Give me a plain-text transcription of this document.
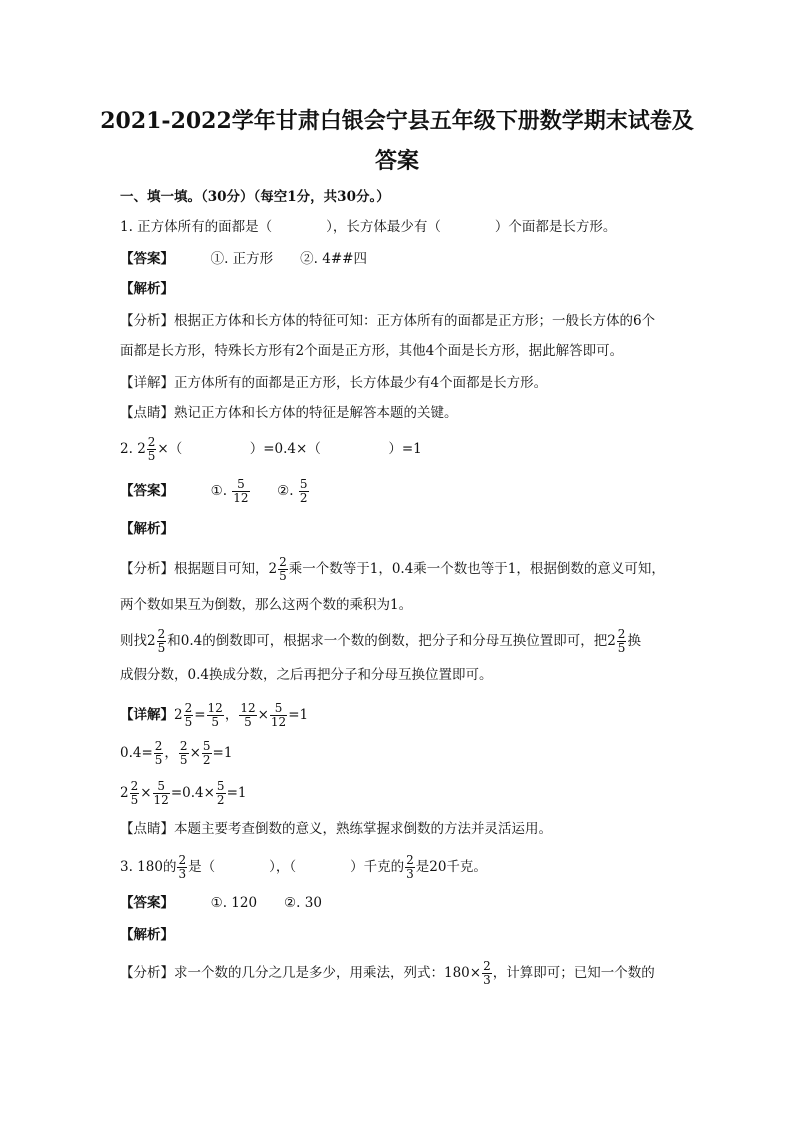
2021-2022学年甘肃白银会宁县五年级下册数学期末试卷及
答案
一、填一填。（30分）（每空1分，共30分。）
1. 正方体所有的面都是（　　　　），长方体最少有（　　　　）个面都是长方形。
【答案】	①. 正方形　　②. 4##四
【解析】
【分析】根据正方体和长方体的特征可知：正方体所有的面都是正方形；一般长方体的6个
面都是长方形，特殊长方形有2个面是正方形，其他4个面是长方形，据此解答即可。
【详解】正方体所有的面都是正方形，长方体最少有4个面都是长方形。
【点睛】熟记正方体和长方体的特征是解答本题的关键。
2. $2 \frac{2}{5}$ ×（　　　　　）=0.4×（　　　　　）=1
【答案】	①. $\frac{5}{12}$ ②. $\frac{5}{2}$
【解析】
【分析】根据题目可知，$2 \frac{2}{5}$ 乘一个数等于1，0.4乘一个数也等于1，根据倒数的意义可知，
两个数如果互为倒数，那么这两个数的乘积为1。
则找$2 \frac{2}{5}$ 和0.4的倒数即可，根据求一个数的倒数，把分子和分母互换位置即可，把$2 \frac{2}{5}$ 换
成假分数，0.4换成分数，之后再把分子和分母互换位置即可。
【详解】$2 \frac{2}{5} = \frac{12}{5}$ ， $\frac{12}{5} \times \frac{5}{12} =1$
$0.4= \frac{2}{5}$ ， $\frac{2}{5} \times \frac{5}{2} =1$
$2 \frac{2}{5} \times \frac{5}{12} =0.4\times \frac{5}{2} =1$
【点睛】本题主要考查倒数的意义，熟练掌握求倒数的方法并灵活运用。
3. 180的 $\frac{2}{3}$ 是（　　　　），（　　　　）千克的 $\frac{2}{3}$ 是20千克。
【答案】	①. 120　　②. 30
【解析】
【分析】求一个数的几分之几是多少，用乘法，列式：$180\times \frac{2}{3}$ ，计算即可；已知一个数的
